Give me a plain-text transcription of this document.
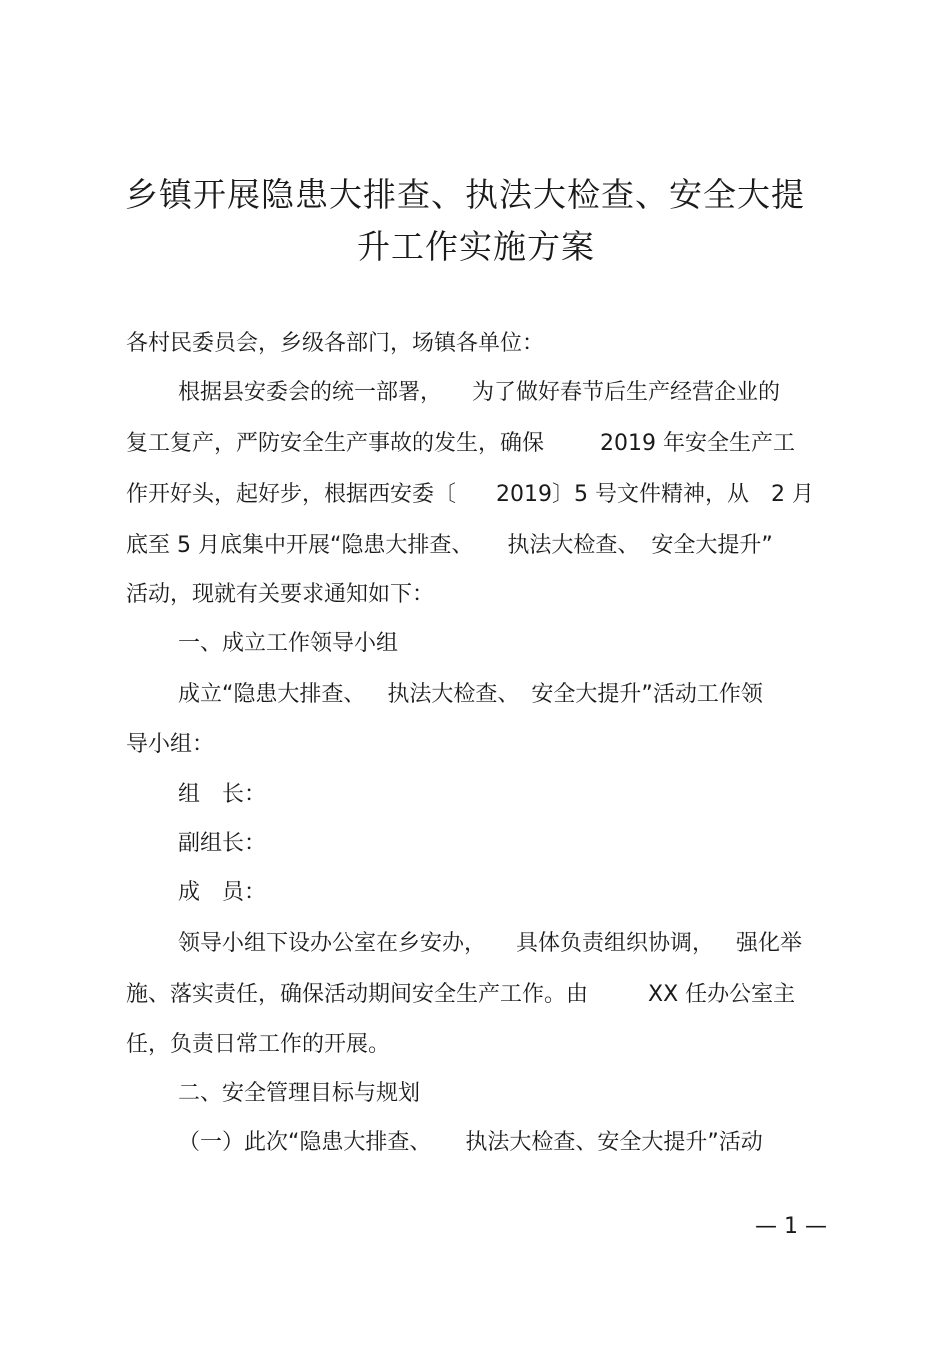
乡镇开展隐患大排查、执法大检查、安全大提
升工作实施方案
各村民委员会，乡级各部门，场镇各单位：
根据县安委会的统一部署， 为了做好春节后生产经营企业的
复工复产，严防安全生产事故的发生，确保	2019 年安全生产工
作开好头，起好步，根据西安委〔 2019〕5 号文件精神，从 2 月
底至 5 月底集中开展“隐患大排查、 执法大检查、 安全大提升”
活动，现就有关要求通知如下：
一、成立工作领导小组
成立“隐患大排查、 执法大检查、 安全大提升”活动工作领
导小组：
组　长：
副组长：
成　员：
领导小组下设办公室在乡安办， 具体负责组织协调， 强化举
施、落实责任，确保活动期间安全生产工作。由	XX 任办公室主
任，负责日常工作的开展。
二、安全管理目标与规划
（一）此次“隐患大排查、 执法大检查、安全大提升”活动
— 1 —
